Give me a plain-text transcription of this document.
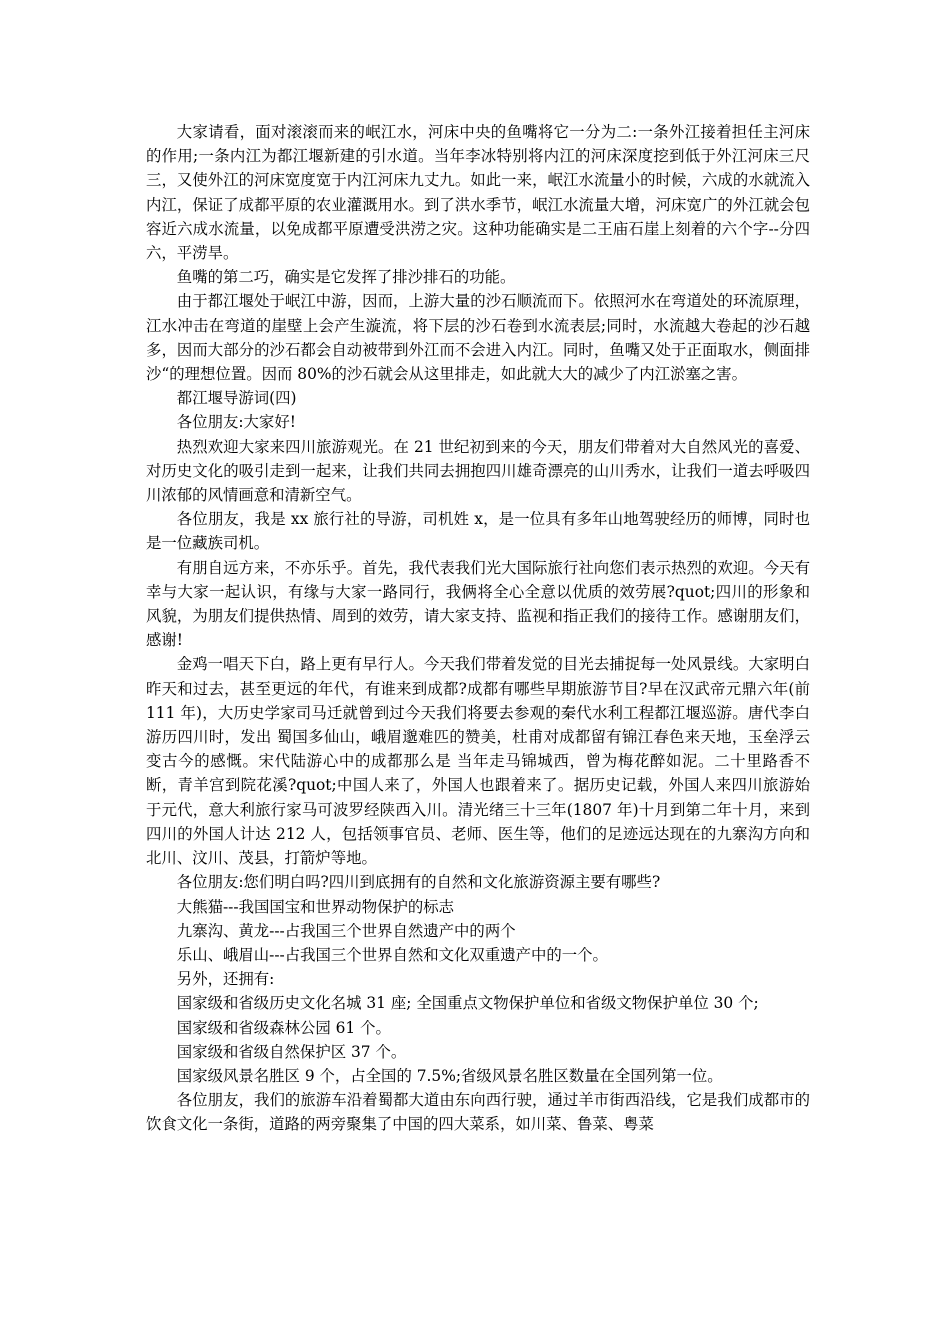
大家请看，面对滚滚而来的岷江水，河床中央的鱼嘴将它一分为二:一条外江接着担任主河床的作用;一条内江为都江堰新建的引水道。当年李冰特别将内江的河床深度挖到低于外江河床三尺三，又使外江的河床宽度宽于内江河床九丈九。如此一来，岷江水流量小的时候，六成的水就流入内江，保证了成都平原的农业灌溉用水。到了洪水季节，岷江水流量大增，河床宽广的外江就会包容近六成水流量，以免成都平原遭受洪涝之灾。这种功能确实是二王庙石崖上刻着的六个字--分四六，平涝旱。

鱼嘴的第二巧，确实是它发挥了排沙排石的功能。

由于都江堰处于岷江中游，因而，上游大量的沙石顺流而下。依照河水在弯道处的环流原理，江水冲击在弯道的崖壁上会产生漩流，将下层的沙石卷到水流表层;同时，水流越大卷起的沙石越多，因而大部分的沙石都会自动被带到外江而不会进入内江。同时，鱼嘴又处于正面取水，侧面排沙“的理想位置。因而 80%的沙石就会从这里排走，如此就大大的减少了内江淤塞之害。

都江堰导游词(四)

各位朋友:大家好!

热烈欢迎大家来四川旅游观光。在 21 世纪初到来的今天，朋友们带着对大自然风光的喜爱、对历史文化的吸引走到一起来，让我们共同去拥抱四川雄奇漂亮的山川秀水，让我们一道去呼吸四川浓郁的风情画意和清新空气。

各位朋友，我是 xx 旅行社的导游，司机姓 x，是一位具有多年山地驾驶经历的师博，同时也是一位藏族司机。

有朋自远方来，不亦乐乎。首先，我代表我们光大国际旅行社向您们表示热烈的欢迎。今天有幸与大家一起认识，有缘与大家一路同行，我俩将全心全意以优质的效劳展?quot;四川的形象和风貌，为朋友们提供热情、周到的效劳，请大家支持、监视和指正我们的接待工作。感谢朋友们，感谢!

金鸡一唱天下白，路上更有早行人。今天我们带着发觉的目光去捕捉每一处风景线。大家明白昨天和过去，甚至更远的年代，有谁来到成都?成都有哪些早期旅游节目?早在汉武帝元鼎六年(前 111 年)，大历史学家司马迁就曾到过今天我们将要去参观的秦代水利工程都江堰巡游。唐代李白游历四川时，发出 蜀国多仙山，峨眉邈难匹的赞美，杜甫对成都留有锦江春色来天地，玉垒浮云变古今的感慨。宋代陆游心中的成都那么是 当年走马锦城西，曾为梅花醉如泥。二十里路香不断，青羊宫到院花溪?quot;中国人来了，外国人也跟着来了。据历史记载，外国人来四川旅游始于元代，意大利旅行家马可波罗经陕西入川。清光绪三十三年(1807 年)十月到第二年十月，来到四川的外国人计达 212 人，包括领事官员、老师、医生等，他们的足迹远达现在的九寨沟方向和北川、汶川、茂县，打箭炉等地。

各位朋友:您们明白吗?四川到底拥有的自然和文化旅游资源主要有哪些?

大熊猫---我国国宝和世界动物保护的标志

九寨沟、黄龙---占我国三个世界自然遗产中的两个

乐山、峨眉山---占我国三个世界自然和文化双重遗产中的一个。

另外，还拥有:

国家级和省级历史文化名城 31 座; 全国重点文物保护单位和省级文物保护单位 30 个;

国家级和省级森林公园 61 个。

国家级和省级自然保护区 37 个。

国家级风景名胜区 9 个，占全国的 7.5%;省级风景名胜区数量在全国列第一位。

各位朋友，我们的旅游车沿着蜀都大道由东向西行驶，通过羊市街西沿线，它是我们成都市的饮食文化一条街，道路的两旁聚集了中国的四大菜系，如川菜、鲁菜、粤菜
